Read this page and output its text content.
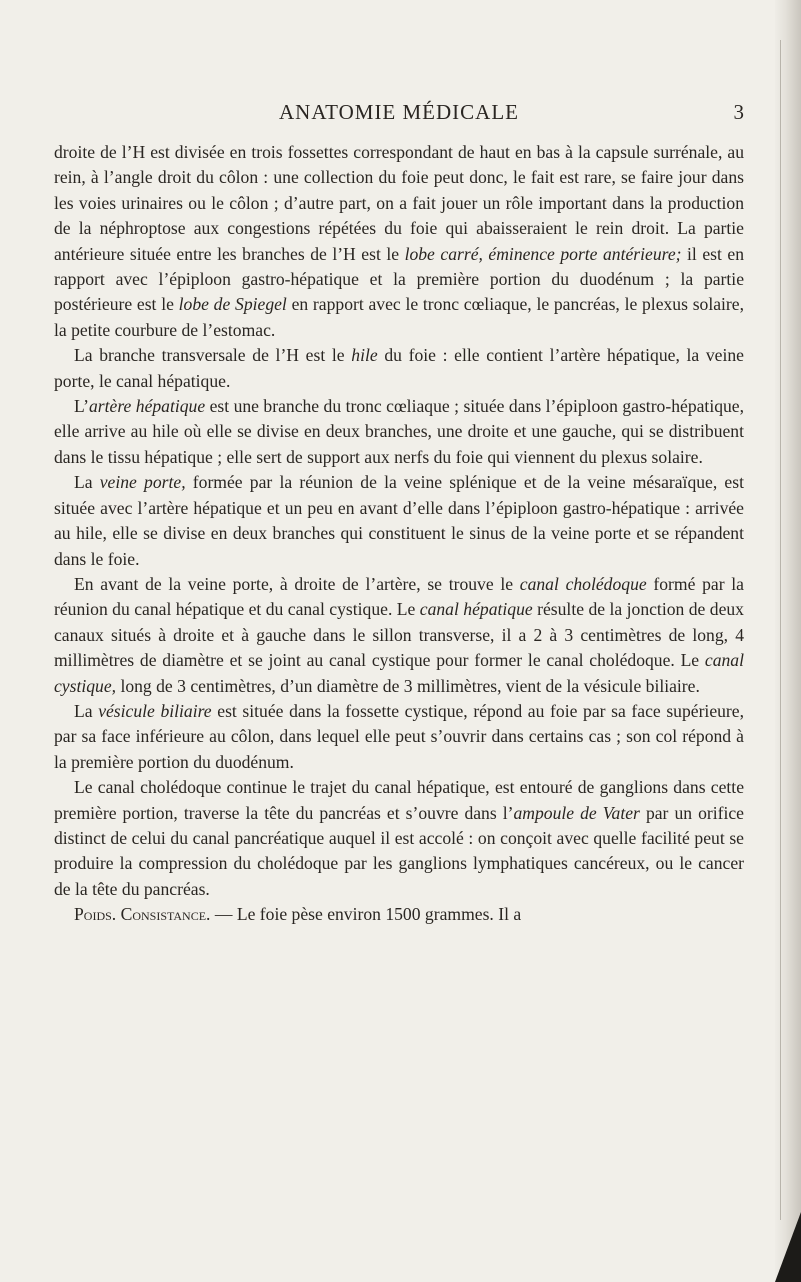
ANATOMIE MÉDICALE	3

droite de l’H est divisée en trois fossettes correspondant de haut en bas à la capsule surrénale, au rein, à l’angle droit du côlon : une collection du foie peut donc, le fait est rare, se faire jour dans les voies urinaires ou le côlon ; d’autre part, on a fait jouer un rôle important dans la production de la néphroptose aux congestions répétées du foie qui abaisseraient le rein droit. La partie antérieure située entre les branches de l’H est le lobe carré, éminence porte antérieure; il est en rapport avec l’épiploon gastro-hépatique et la première portion du duodénum ; la partie postérieure est le lobe de Spiegel en rapport avec le tronc cœliaque, le pancréas, le plexus solaire, la petite courbure de l’estomac.

La branche transversale de l’H est le hile du foie : elle contient l’artère hépatique, la veine porte, le canal hépatique.

L’artère hépatique est une branche du tronc cœliaque ; située dans l’épiploon gastro-hépatique, elle arrive au hile où elle se divise en deux branches, une droite et une gauche, qui se distribuent dans le tissu hépatique ; elle sert de support aux nerfs du foie qui viennent du plexus solaire.

La veine porte, formée par la réunion de la veine splénique et de la veine mésaraïque, est située avec l’artère hépatique et un peu en avant d’elle dans l’épiploon gastro-hépatique : arrivée au hile, elle se divise en deux branches qui constituent le sinus de la veine porte et se répandent dans le foie.

En avant de la veine porte, à droite de l’artère, se trouve le canal cholédoque formé par la réunion du canal hépatique et du canal cystique. Le canal hépatique résulte de la jonction de deux canaux situés à droite et à gauche dans le sillon transverse, il a 2 à 3 centimètres de long, 4 millimètres de diamètre et se joint au canal cystique pour former le canal cholédoque. Le canal cystique, long de 3 centimètres, d’un diamètre de 3 millimètres, vient de la vésicule biliaire.

La vésicule biliaire est située dans la fossette cystique, répond au foie par sa face supérieure, par sa face inférieure au côlon, dans lequel elle peut s’ouvrir dans certains cas ; son col répond à la première portion du duodénum.

Le canal cholédoque continue le trajet du canal hépatique, est entouré de ganglions dans cette première portion, traverse la tête du pancréas et s’ouvre dans l’ampoule de Vater par un orifice distinct de celui du canal pancréatique auquel il est accolé : on conçoit avec quelle facilité peut se produire la compression du cholédoque par les ganglions lymphatiques cancéreux, ou le cancer de la tête du pancréas.

Poids. Consistance. — Le foie pèse environ 1500 grammes. Il a
